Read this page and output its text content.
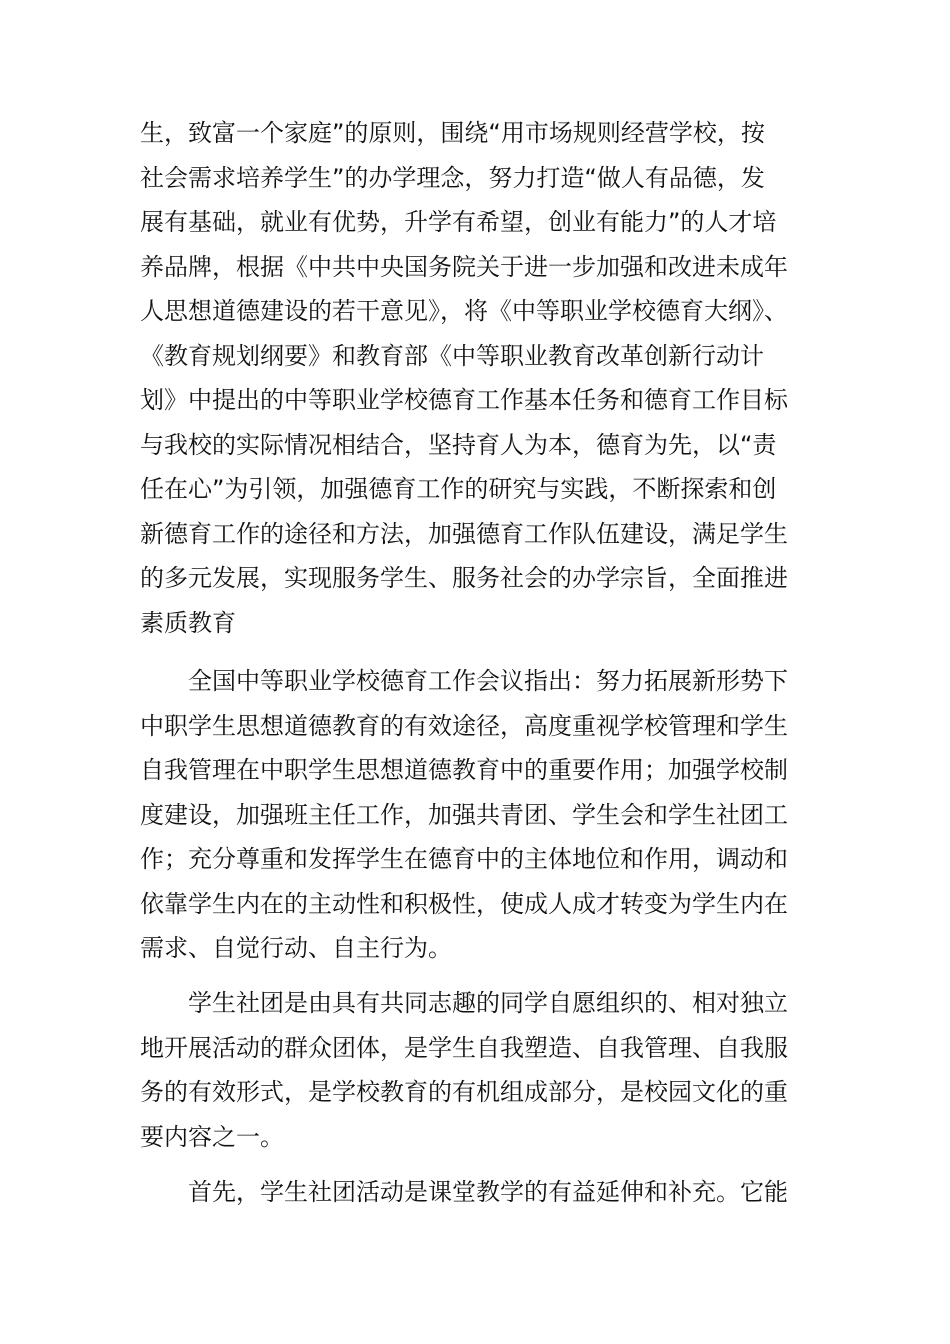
生，致富一个家庭”的原则，围绕“用市场规则经营学校，按
社会需求培养学生”的办学理念，努力打造“做人有品德，发
展有基础，就业有优势，升学有希望，创业有能力”的人才培
养品牌，根据《中共中央国务院关于进一步加强和改进未成年
人思想道德建设的若干意见》，将《中等职业学校德育大纲》、
《教育规划纲要》和教育部《中等职业教育改革创新行动计
划》中提出的中等职业学校德育工作基本任务和德育工作目标
与我校的实际情况相结合，坚持育人为本，德育为先，以“责
任在心”为引领，加强德育工作的研究与实践，不断探索和创
新德育工作的途径和方法，加强德育工作队伍建设，满足学生
的多元发展，实现服务学生、服务社会的办学宗旨，全面推进
素质教育
全国中等职业学校德育工作会议指出：努力拓展新形势下
中职学生思想道德教育的有效途径，高度重视学校管理和学生
自我管理在中职学生思想道德教育中的重要作用；加强学校制
度建设，加强班主任工作，加强共青团、学生会和学生社团工
作；充分尊重和发挥学生在德育中的主体地位和作用，调动和
依靠学生内在的主动性和积极性，使成人成才转变为学生内在
需求、自觉行动、自主行为。
学生社团是由具有共同志趣的同学自愿组织的、相对独立
地开展活动的群众团体，是学生自我塑造、自我管理、自我服
务的有效形式，是学校教育的有机组成部分，是校园文化的重
要内容之一。
首先，学生社团活动是课堂教学的有益延伸和补充。它能
